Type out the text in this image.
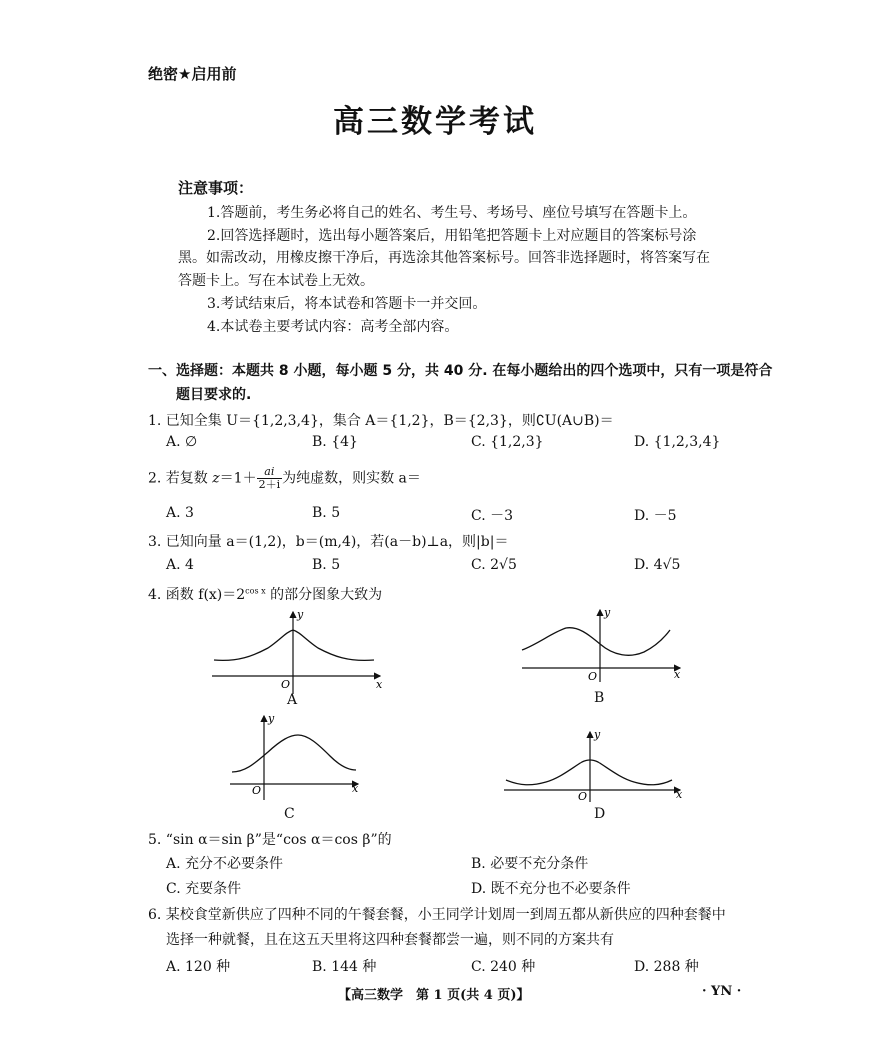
绝密★启用前
高三数学考试
注意事项：
1.答题前，考生务必将自己的姓名、考生号、考场号、座位号填写在答题卡上。
2.回答选择题时，选出每小题答案后，用铅笔把答题卡上对应题目的答案标号涂
黑。如需改动，用橡皮擦干净后，再选涂其他答案标号。回答非选择题时，将答案写在
答题卡上。写在本试卷上无效。
3.考试结束后，将本试卷和答题卡一并交回。
4.本试卷主要考试内容：高考全部内容。
一、选择题：本题共 8 小题，每小题 5 分，共 40 分. 在每小题给出的四个选项中，只有一项是符合
题目要求的.
1. 已知全集 U＝{1,2,3,4}，集合 A＝{1,2}，B＝{2,3}，则∁U(A∪B)＝
A. ∅	B. {4}	C. {1,2,3}	D. {1,2,3,4}
2. 若复数 $z=1+ \frac{ai}{2+i}$ 为纯虚数，则实数 a＝
A. 3	B. 5	C. －3	D. －5
3. 已知向量 a＝(1,2)，b＝(m,4)，若(a－b)⊥a，则|b|＝
A. 4	B. 5	C. 2√5	D. 4√5
4. 函数 $f(x)=2^{cos x}$ 的部分图象大致为
y
x
O
A
y
x
O
B
y
x
O
C
y
x
O
D
5. “sin α＝sin β”是“cos α＝cos β”的
A. 充分不必要条件	B. 必要不充分条件
C. 充要条件	D. 既不充分也不必要条件
6. 某校食堂新供应了四种不同的午餐套餐，小王同学计划周一到周五都从新供应的四种套餐中
选择一种就餐，且在这五天里将这四种套餐都尝一遍，则不同的方案共有
A. 120 种	B. 144 种	C. 240 种	D. 288 种
【高三数学　第 1 页(共 4 页)】	· YN ·
